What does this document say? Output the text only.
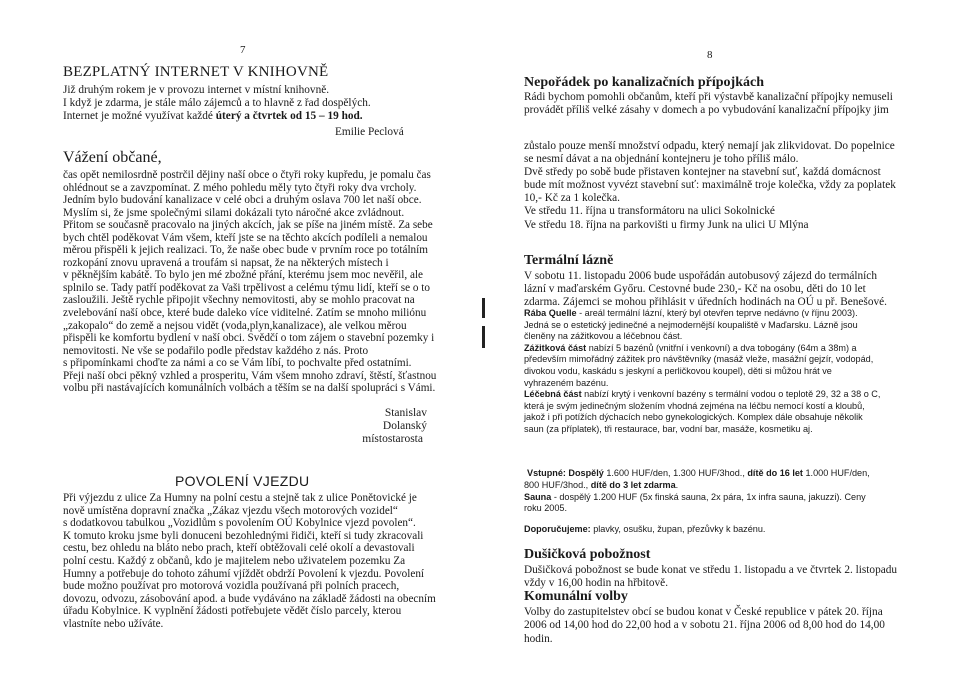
7
BEZPLATNÝ INTERNET V KNIHOVNĚ
Již druhým rokem je v provozu internet v místní knihovně.
I když je zdarma, je stále málo zájemců a to hlavně z řad dospělých.
Internet je možné využívat každé úterý a čtvrtek od 15 – 19 hod.
Emilie Peclová
Vážení občané,
čas opět nemilosrdně postrčil dějiny naší obce o čtyři roky kupředu, je pomalu čas
ohlédnout se a zavzpomínat. Z mého pohledu měly tyto čtyři roky dva vrcholy.
Jedním bylo budování kanalizace v celé obci a druhým oslava 700 let naší obce.
Myslím si, že jsme společnými silami dokázali tyto náročné akce zvládnout.
Přitom se současně pracovalo na jiných akcích, jak se píše na jiném místě. Za sebe
bych chtěl poděkovat Vám všem, kteří jste se na těchto akcích podíleli a nemalou
měrou přispěli k jejich realizaci. To, že naše obec bude v prvním roce po totálním
rozkopání znovu upravená a troufám si napsat, že na některých místech i
v pěknějším kabátě. To bylo jen mé zbožné přání, kterému jsem moc nevěřil, ale
splnilo se. Tady patří poděkovat za Vaši trpělivost a celému týmu lidí, kteří se o to
zasloužili. Ještě rychle připojit všechny nemovitosti, aby se mohlo pracovat na
zvelebování naší obce, které bude daleko více viditelné. Zatím se mnoho miliónu
„zakopalo“ do země a nejsou vidět (voda,plyn,kanalizace), ale velkou měrou
přispěli ke komfortu bydlení v naší obci. Svědčí o tom zájem o stavební pozemky i
nemovitosti. Ne vše se podařilo podle představ každého z nás. Proto
s připomínkami choďte za námi a co se Vám líbí, to pochvalte před ostatními.
Přeji naší obci pěkný vzhled a prosperitu, Vám všem mnoho zdraví, štěstí, šťastnou
volbu při nastávajících komunálních volbách a těším se na další spolupráci s Vámi.
Stanislav Dolanský
místostarosta
POVOLENÍ VJEZDU
Při výjezdu z ulice Za Humny na polní cestu a stejně tak z ulice Ponětovické je
nově umístěna dopravní značka „Zákaz vjezdu všech motorových vozidel“
s dodatkovou tabulkou „Vozidlům s povolením OÚ Kobylnice vjezd povolen“.
K tomuto kroku jsme byli donuceni bezohlednými řidiči, kteří si tudy zkracovali
cestu, bez ohledu na bláto nebo prach, kteří obtěžovali celé okolí a devastovali
polní cestu. Každý z občanů, kdo je majitelem nebo uživatelem pozemku Za
Humny a potřebuje do tohoto záhumí vjíždět obdrží Povolení k vjezdu. Povolení
bude možno používat pro motorová vozidla používaná při polních pracech,
dovozu, odvozu, zásobování apod. a bude vydáváno na základě žádosti na obecním
úřadu Kobylnice. K vyplnění žádosti potřebujete vědět číslo parcely, kterou
vlastníte nebo užíváte.
8
Nepořádek po kanalizačních přípojkách
Rádi bychom pomohli občanům, kteří při výstavbě kanalizační přípojky nemuseli
provádět příliš velké zásahy v domech a po vybudování kanalizační přípojky jim
zůstalo pouze menší množství odpadu, který nemají jak zlikvidovat. Do popelnice
se nesmí dávat a na objednání kontejneru je toho příliš málo.
Dvě středy po sobě bude přistaven kontejner na stavební suť, každá domácnost
bude mít možnost vyvézt stavební suť: maximálně troje kolečka, vždy za poplatek
10,- Kč za 1 kolečka.
Ve středu 11. října u transformátoru na ulici Sokolnické
Ve středu 18. října na parkovišti u firmy Junk na ulici U Mlýna
Termální lázně
V sobotu 11. listopadu 2006 bude uspořádán autobusový zájezd do termálních
lázní v maďarském Győru. Cestovné bude 230,- Kč na osobu, děti do 10 let
zdarma. Zájemci se mohou přihlásit v úředních hodinách na OÚ u př. Benešové.
Rába Quelle - areál termální lázní, který byl otevřen teprve nedávno (v říjnu 2003).
Jedná se o estetický jedinečné a nejmodernější koupaliště v Maďarsku. Lázně jsou
členěny na zážitkovou a léčebnou část.
Zážitková část nabízí 5 bazénů (vnitřní i venkovní) a dva tobogány (64m a 38m) a
především mimořádný zážitek pro návštěvníky (masáž vleže, masážní gejzír, vodopád,
divokou vodu, kaskádu s jeskyní a perličkovou koupel), děti si můžou hrát ve
vyhrazeném bazénu.
Léčebná část nabízí krytý i venkovní bazény s termální vodou o teplotě 29, 32 a 38 o C,
která je svým jedinečným složením vhodná zejména na léčbu nemocí kostí a kloubů,
jakož i při potížích dýchacích nebo gynekologických. Komplex dále obsahuje několik
saun (za příplatek), tři restaurace, bar, vodní bar, masáže, kosmetiku aj.
Vstupné: Dospělý 1.600 HUF/den, 1.300 HUF/3hod., dítě do 16 let 1.000 HUF/den,
800 HUF/3hod., dítě do 3 let zdarma.
Sauna - dospělý 1.200 HUF (5x finská sauna, 2x pára, 1x infra sauna, jakuzzi). Ceny
roku 2005.
Doporučujeme: plavky, osušku, župan, přezůvky k bazénu.
Dušičková pobožnost
Dušičková pobožnost se bude konat ve středu 1. listopadu a ve čtvrtek 2. listopadu
vždy v 16,00 hodin na hřbitově.
Komunální volby
Volby do zastupitelstev obcí se budou konat v České republice v pátek 20. října
2006 od 14,00 hod do 22,00 hod a v sobotu 21. října 2006 od 8,00 hod do 14,00
hodin.
